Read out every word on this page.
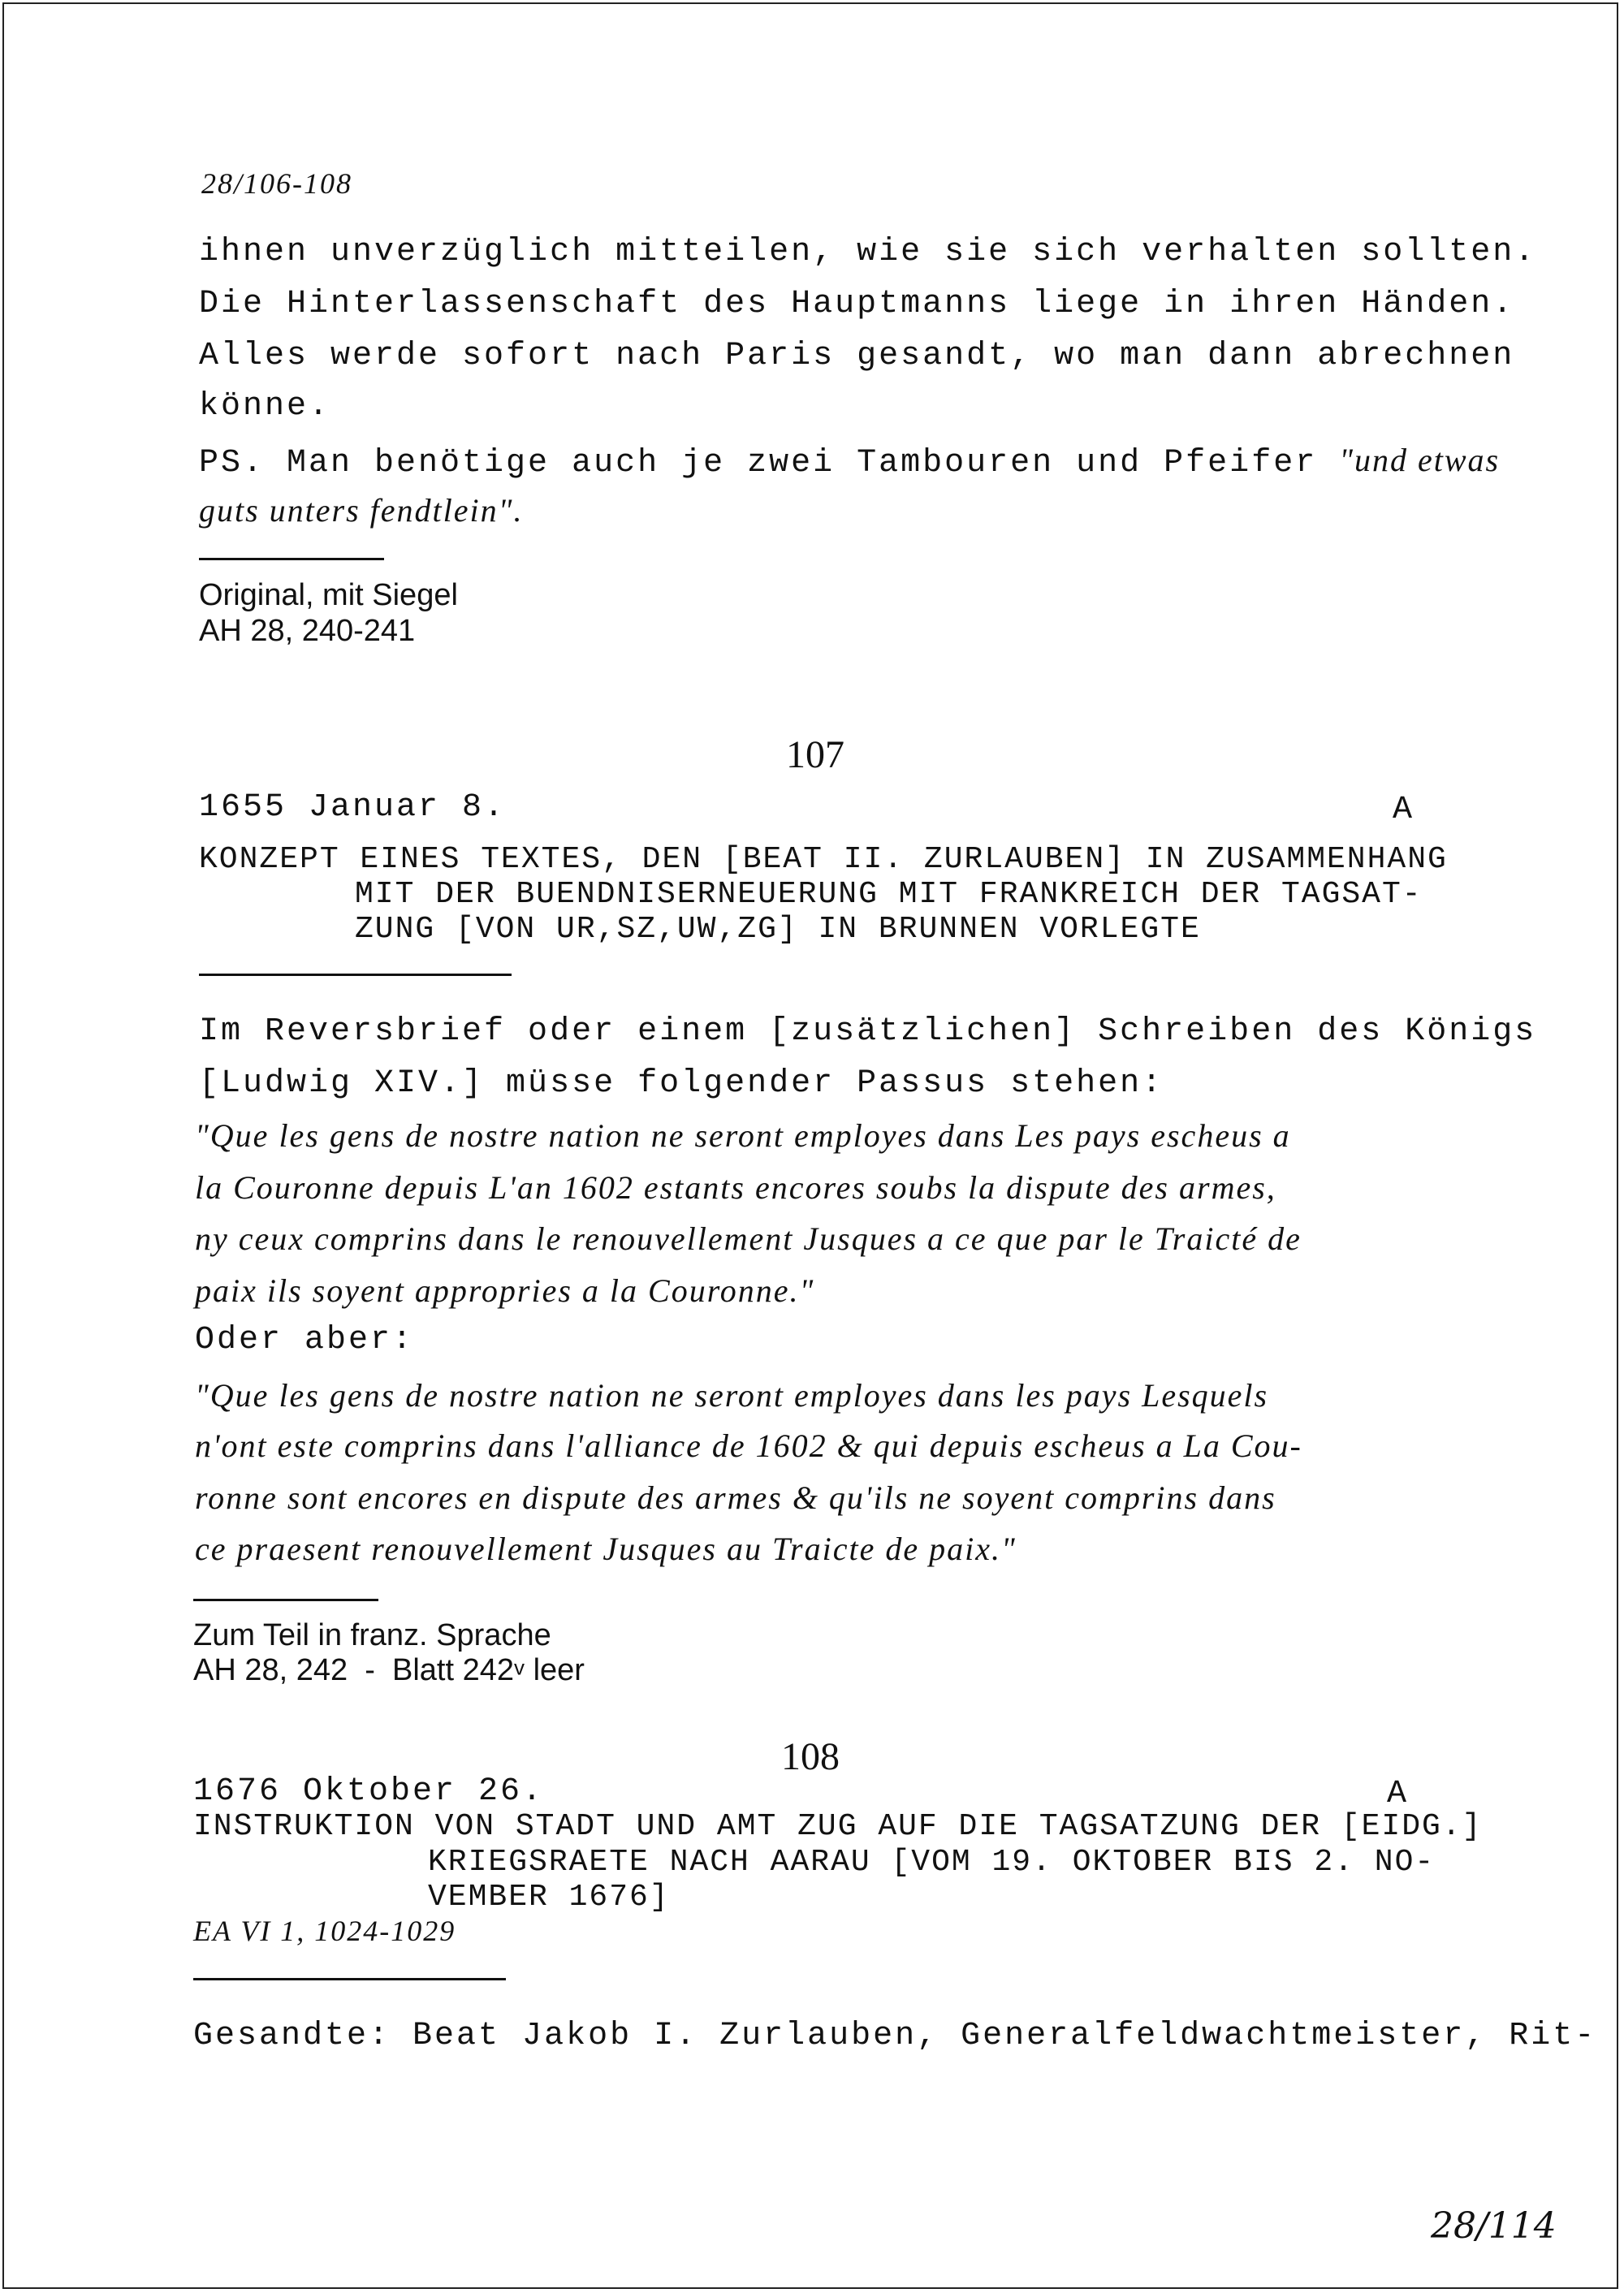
28/106-108
ihnen unverzüglich mitteilen, wie sie sich verhalten sollten.
Die Hinterlassenschaft des Hauptmanns liege in ihren Händen.
Alles werde sofort nach Paris gesandt, wo man dann abrechnen
könne.
PS. Man benötige auch je zwei Tambouren und Pfeifer "und etwas
guts unters fendtlein".
Original, mit Siegel
AH 28, 240-241
107
1655 Januar 8.	A
KONZEPT EINES TEXTES, DEN [BEAT II. ZURLAUBEN] IN ZUSAMMENHANG
MIT DER BUENDNISERNEUERUNG MIT FRANKREICH DER TAGSAT-
ZUNG [VON UR,SZ,UW,ZG] IN BRUNNEN VORLEGTE
Im Reversbrief oder einem [zusätzlichen] Schreiben des Königs
[Ludwig XIV.] müsse folgender Passus stehen:
"Que les gens de nostre nation ne seront employes dans Les pays escheus a
la Couronne depuis L'an 1602 estants encores soubs la dispute des armes,
ny ceux comprins dans le renouvellement Jusques a ce que par le Traicté de
paix ils soyent appropries a la Couronne."
Oder aber:
"Que les gens de nostre nation ne seront employes dans les pays Lesquels
n'ont este comprins dans l'alliance de 1602 & qui depuis escheus a La Cou-
ronne sont encores en dispute des armes & qu'ils ne soyent comprins dans
ce praesent renouvellement Jusques au Traicte de paix."
Zum Teil in franz. Sprache
AH 28, 242  -  Blatt 242$^v$ leer
108
1676 Oktober 26.	A
INSTRUKTION VON STADT UND AMT ZUG AUF DIE TAGSATZUNG DER [EIDG.]
KRIEGSRAETE NACH AARAU [VOM 19. OKTOBER BIS 2. NO-
VEMBER 1676]
EA VI 1, 1024-1029
Gesandte: Beat Jakob I. Zurlauben, Generalfeldwachtmeister, Rit-
28/114
